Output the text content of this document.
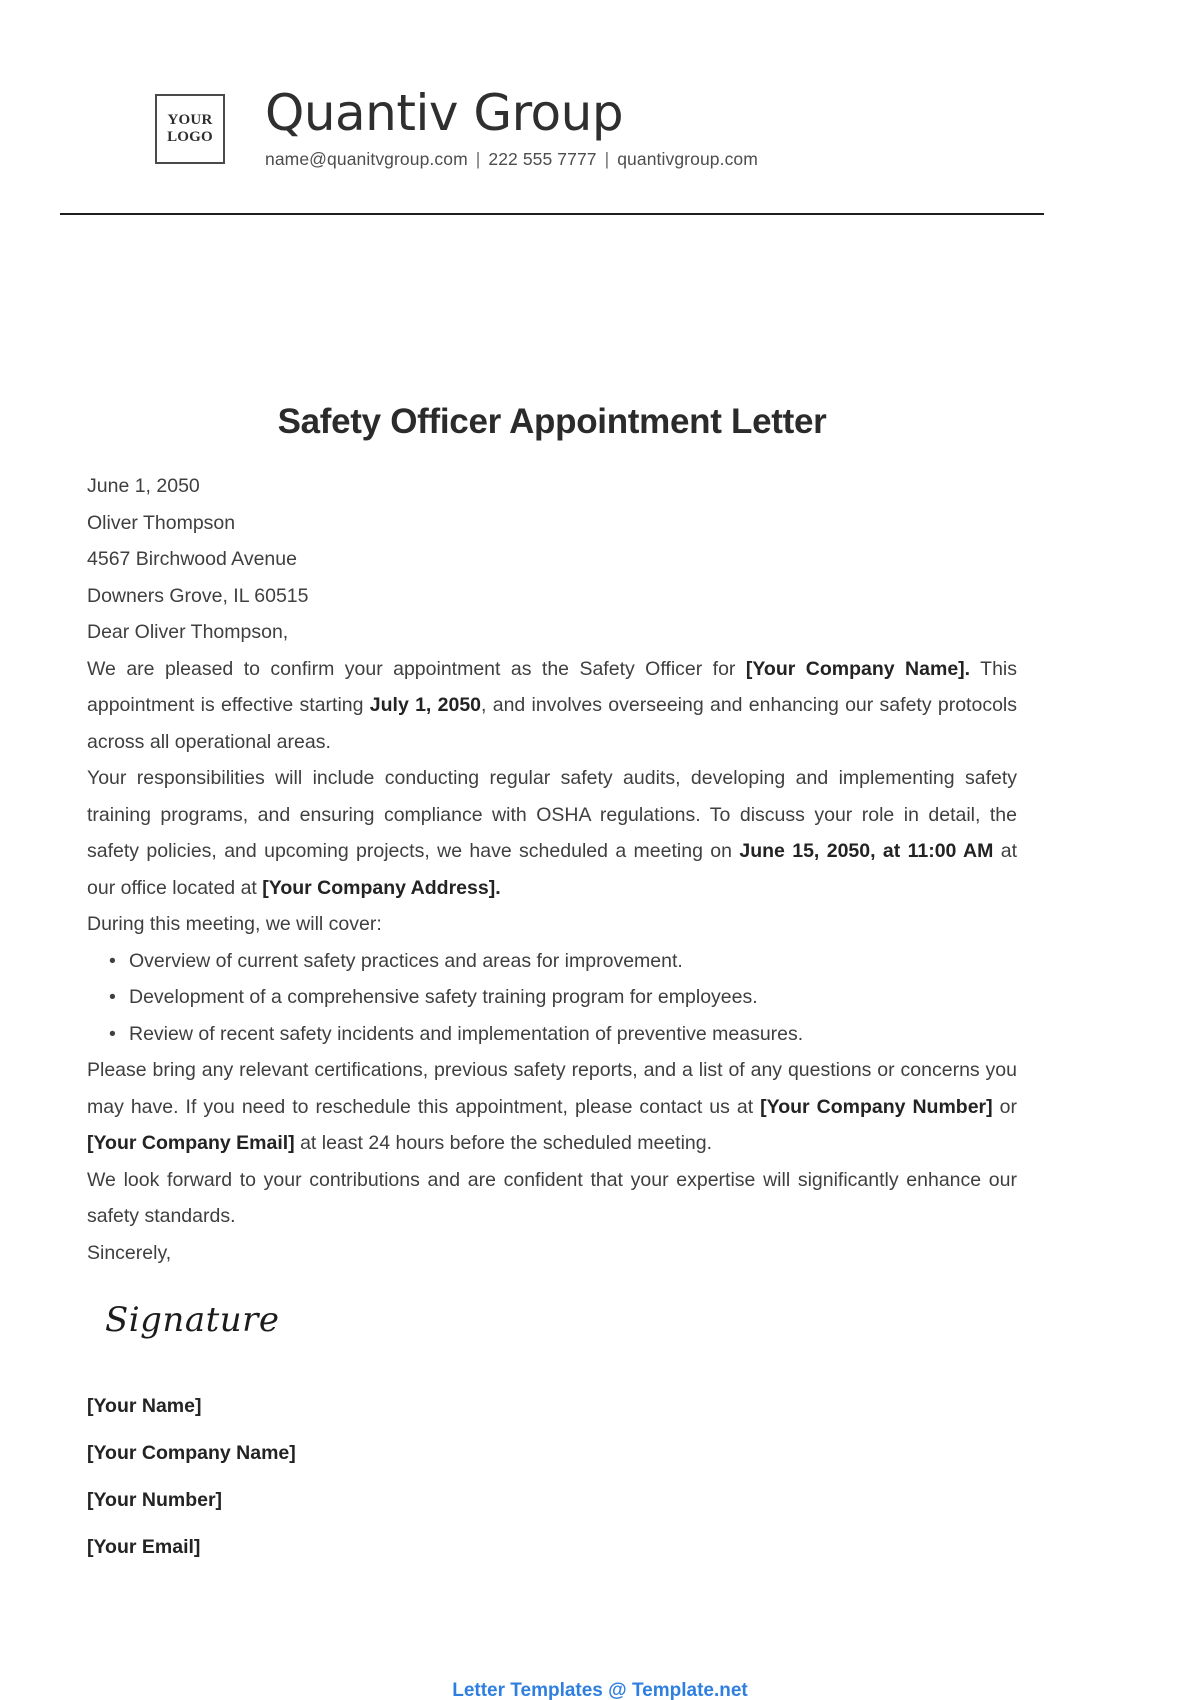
YOUR
LOGO Quantiv Group
name@quanitvgroup.com | 222 555 7777 | quantivgroup.com
Safety Officer Appointment Letter
June 1, 2050
Oliver Thompson
4567 Birchwood Avenue
Downers Grove, IL 60515
Dear Oliver Thompson,

We are pleased to confirm your appointment as the Safety Officer for [Your Company Name]. This appointment is effective starting July 1, 2050, and involves overseeing and enhancing our safety protocols across all operational areas.

Your responsibilities will include conducting regular safety audits, developing and implementing safety training programs, and ensuring compliance with OSHA regulations. To discuss your role in detail, the safety policies, and upcoming projects, we have scheduled a meeting on June 15, 2050, at 11:00 AM at our office located at [Your Company Address].

During this meeting, we will cover:

• Overview of current safety practices and areas for improvement.
• Development of a comprehensive safety training program for employees.
• Review of recent safety incidents and implementation of preventive measures.

Please bring any relevant certifications, previous safety reports, and a list of any questions or concerns you may have. If you need to reschedule this appointment, please contact us at [Your Company Number] or [Your Company Email] at least 24 hours before the scheduled meeting.

We look forward to your contributions and are confident that your expertise will significantly enhance our safety standards.

Sincerely,

Signature
[Your Name]
[Your Company Name]
[Your Number]
[Your Email]
Letter Templates @ Template.net
